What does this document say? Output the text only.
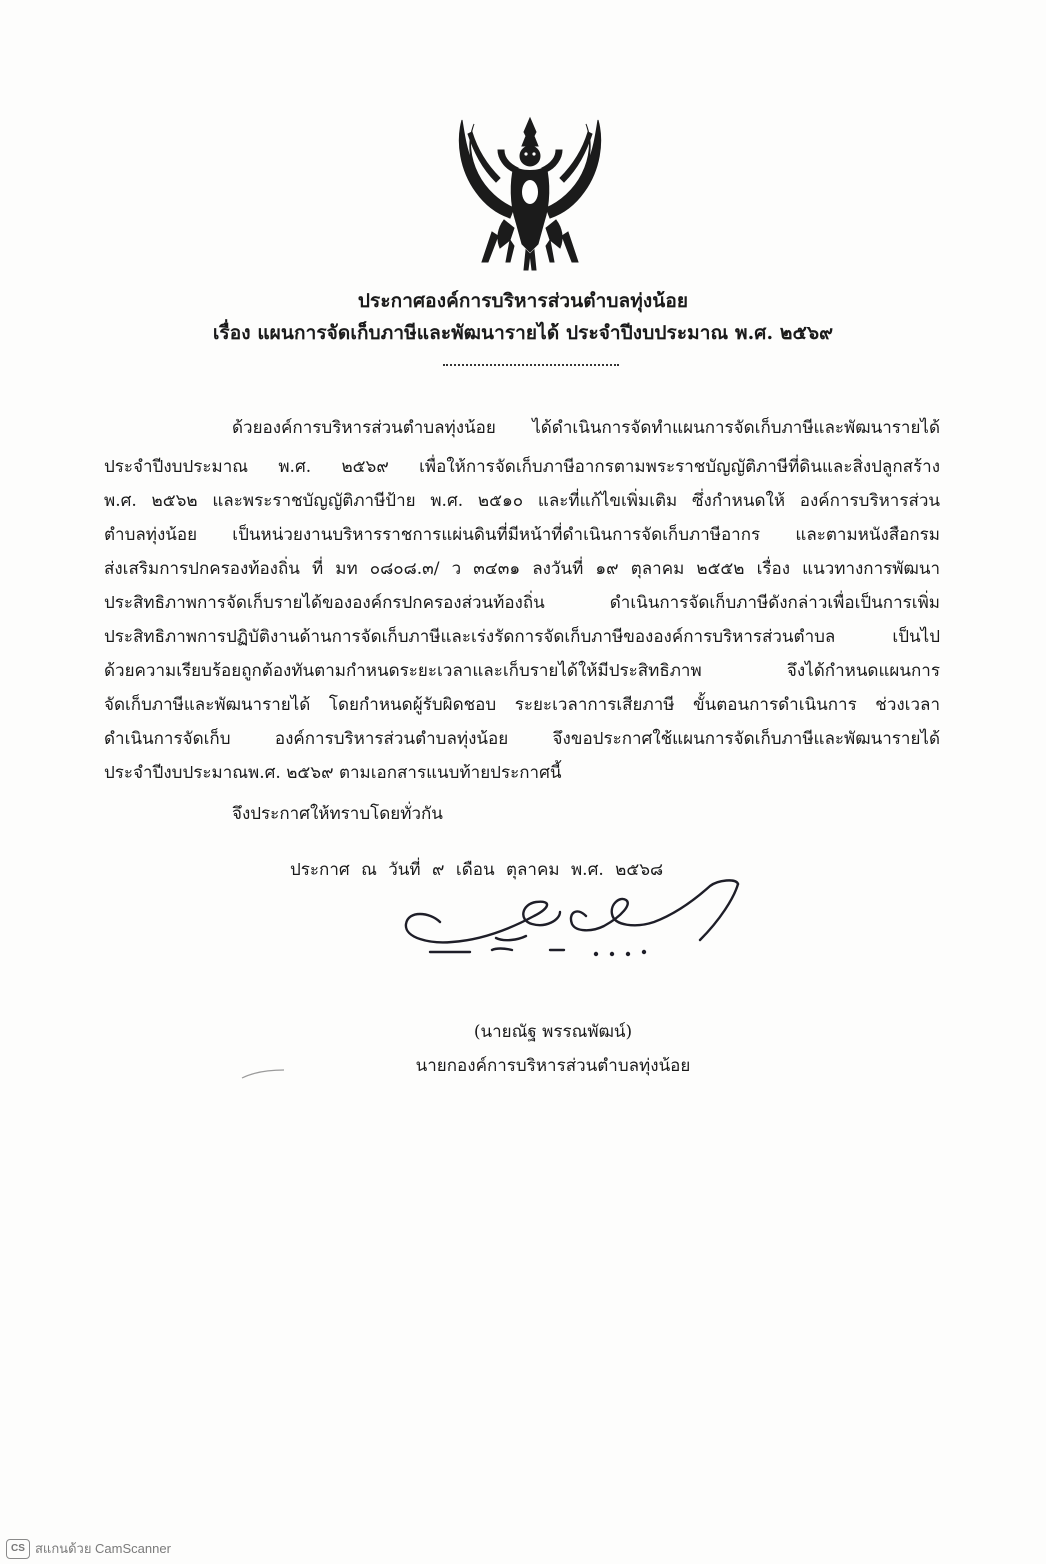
ประกาศองค์การบริหารส่วนตำบลทุ่งน้อย
เรื่อง แผนการจัดเก็บภาษีและพัฒนารายได้ ประจำปีงบประมาณ พ.ศ. ๒๕๖๙
ด้วยองค์การบริหารส่วนตำบลทุ่งน้อย ได้ดำเนินการจัดทำแผนการจัดเก็บภาษีและพัฒนารายได้
ประจำปีงบประมาณ พ.ศ. ๒๕๖๙ เพื่อให้การจัดเก็บภาษีอากรตามพระราชบัญญัติภาษีที่ดินและสิ่งปลูกสร้าง
พ.ศ. ๒๕๖๒ และพระราชบัญญัติภาษีป้าย พ.ศ. ๒๕๑๐ และที่แก้ไขเพิ่มเติม ซึ่งกำหนดให้ องค์การบริหารส่วน
ตำบลทุ่งน้อย เป็นหน่วยงานบริหารราชการแผ่นดินที่มีหน้าที่ดำเนินการจัดเก็บภาษีอากร และตามหนังสือกรม
ส่งเสริมการปกครองท้องถิ่น ที่ มท ๐๘๐๘.๓/ ว ๓๔๓๑ ลงวันที่ ๑๙ ตุลาคม ๒๕๕๒ เรื่อง แนวทางการพัฒนา
ประสิทธิภาพการจัดเก็บรายได้ขององค์กรปกครองส่วนท้องถิ่น ดำเนินการจัดเก็บภาษีดังกล่าวเพื่อเป็นการเพิ่ม
ประสิทธิภาพการปฏิบัติงานด้านการจัดเก็บภาษีและเร่งรัดการจัดเก็บภาษีขององค์การบริหารส่วนตำบล เป็นไป
ด้วยความเรียบร้อยถูกต้องทันตามกำหนดระยะเวลาและเก็บรายได้ให้มีประสิทธิภาพ จึงได้กำหนดแผนการ
จัดเก็บภาษีและพัฒนารายได้ โดยกำหนดผู้รับผิดชอบ ระยะเวลาการเสียภาษี ขั้นตอนการดำเนินการ ช่วงเวลา
ดำเนินการจัดเก็บ องค์การบริหารส่วนตำบลทุ่งน้อย จึงขอประกาศใช้แผนการจัดเก็บภาษีและพัฒนารายได้
ประจำปีงบประมาณพ.ศ. ๒๕๖๙ ตามเอกสารแนบท้ายประกาศนี้
จึงประกาศให้ทราบโดยทั่วกัน
ประกาศ ณ วันที่ ๙ เดือน ตุลาคม พ.ศ. ๒๕๖๘
(นายณัฐ พรรณพัฒน์)
นายกองค์การบริหารส่วนตำบลทุ่งน้อย
CS สแกนด้วย CamScanner
